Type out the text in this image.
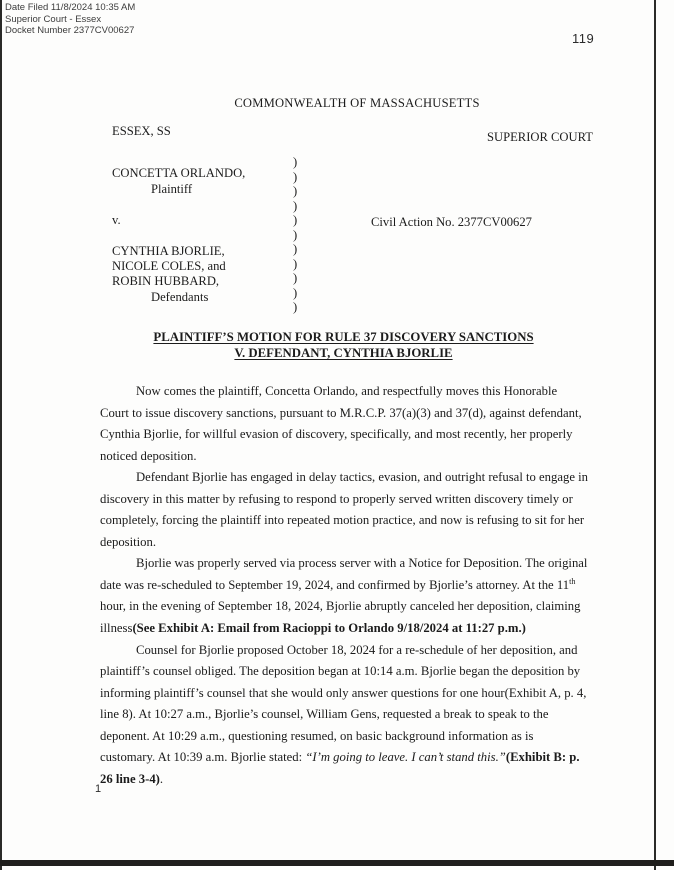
Date Filed 11/8/2024 10:35 AM
Superior Court - Essex
Docket Number 2377CV00627
119
COMMONWEALTH OF MASSACHUSETTS
ESSEX, SS	SUPERIOR COURT
CONCETTA ORLANDO,
Plaintiff
v.
CYNTHIA BJORLIE,
NICOLE COLES, and
ROBIN HUBBARD,
Defendants
)
)
)
)
)
)
)
)
)
)
)
Civil Action No. 2377CV00627
PLAINTIFF’S MOTION FOR RULE 37 DISCOVERY SANCTIONS
V. DEFENDANT, CYNTHIA BJORLIE

Now comes the plaintiff, Concetta Orlando, and respectfully moves this Honorable Court to issue discovery sanctions, pursuant to M.R.C.P. 37(a)(3) and 37(d), against defendant, Cynthia Bjorlie, for willful evasion of discovery, specifically, and most recently, her properly noticed deposition.

Defendant Bjorlie has engaged in delay tactics, evasion, and outright refusal to engage in discovery in this matter by refusing to respond to properly served written discovery timely or completely, forcing the plaintiff into repeated motion practice, and now is refusing to sit for her deposition.

Bjorlie was properly served via process server with a Notice for Deposition. The original date was re-scheduled to September 19, 2024, and confirmed by Bjorlie’s attorney. At the 11th hour, in the evening of September 18, 2024, Bjorlie abruptly canceled her deposition, claiming illness(See Exhibit A: Email from Racioppi to Orlando 9/18/2024 at 11:27 p.m.)

Counsel for Bjorlie proposed October 18, 2024 for a re-schedule of her deposition, and plaintiff’s counsel obliged. The deposition began at 10:14 a.m. Bjorlie began the deposition by informing plaintiff’s counsel that she would only answer questions for one hour(Exhibit A, p. 4, line 8). At 10:27 a.m., Bjorlie’s counsel, William Gens, requested a break to speak to the deponent. At 10:29 a.m., questioning resumed, on basic background information as is customary. At 10:39 a.m. Bjorlie stated: “I’m going to leave. I can’t stand this.”(Exhibit B: p. 26 line 3-4).

1
